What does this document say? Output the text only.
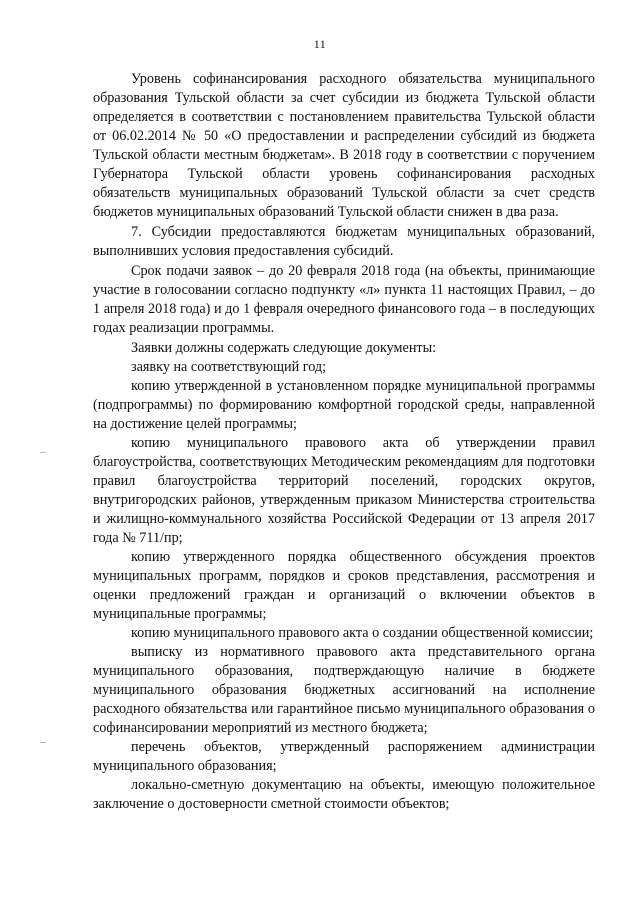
11

Уровень софинансирования расходного обязательства муниципального образования Тульской области за счет субсидии из бюджета Тульской области определяется в соответствии с постановлением правительства Тульской области от 06.02.2014 № 50 «О предоставлении и распределении субсидий из бюджета Тульской области местным бюджетам». В 2018 году в соответствии с поручением Губернатора Тульской области уровень софинансирования расходных обязательств муниципальных образований Тульской области за счет средств бюджетов муниципальных образований Тульской области снижен в два раза.

7. Субсидии предоставляются бюджетам муниципальных образований, выполнивших условия предоставления субсидий.

Срок подачи заявок – до 20 февраля 2018 года (на объекты, принимающие участие в голосовании согласно подпункту «л» пункта 11 настоящих Правил, – до 1 апреля 2018 года) и до 1 февраля очередного финансового года – в последующих годах реализации программы.

Заявки должны содержать следующие документы:

заявку на соответствующий год;

копию утвержденной в установленном порядке муниципальной программы (подпрограммы) по формированию комфортной городской среды, направленной на достижение целей программы;

копию муниципального правового акта об утверждении правил благоустройства, соответствующих Методическим рекомендациям для подготовки правил благоустройства территорий поселений, городских округов, внутригородских районов, утвержденным приказом Министерства строительства и жилищно-коммунального хозяйства Российской Федерации от 13 апреля 2017 года № 711/пр;

копию утвержденного порядка общественного обсуждения проектов муниципальных программ, порядков и сроков представления, рассмотрения и оценки предложений граждан и организаций о включении объектов в муниципальные программы;

копию муниципального правового акта о создании общественной комиссии;

выписку из нормативного правового акта представительного органа муниципального образования, подтверждающую наличие в бюджете муниципального образования бюджетных ассигнований на исполнение расходного обязательства или гарантийное письмо муниципального образования о софинансировании мероприятий из местного бюджета;

перечень объектов, утвержденный распоряжением администрации муниципального образования;

локально-сметную документацию на объекты, имеющую положительное заключение о достоверности сметной стоимости объектов;
